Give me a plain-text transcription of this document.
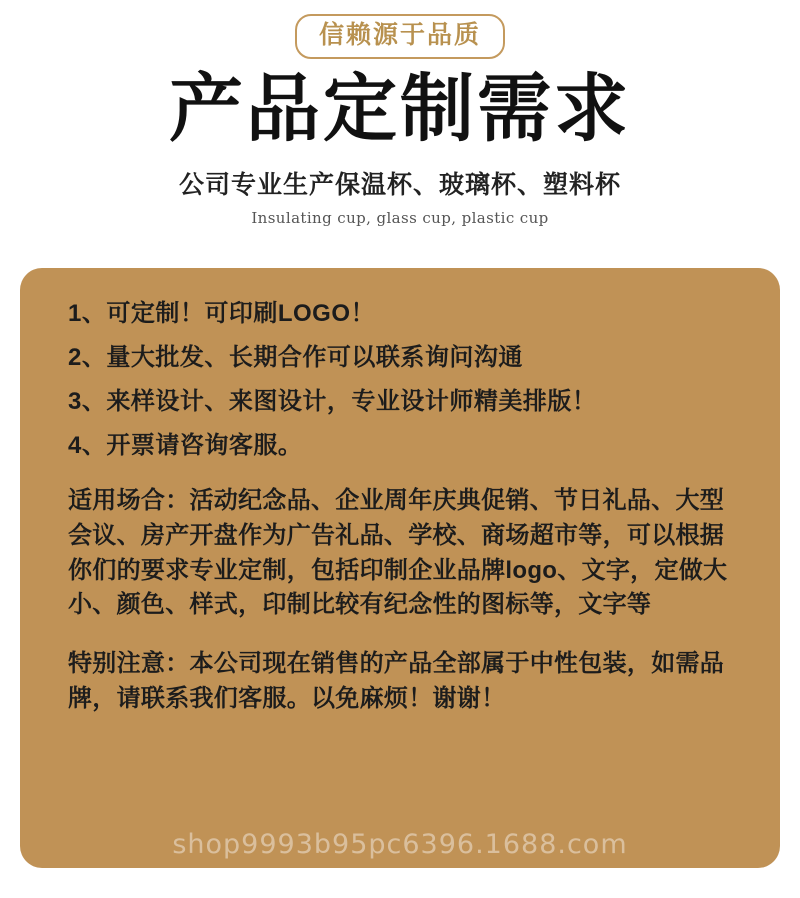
信赖源于品质
产品定制需求
公司专业生产保温杯、玻璃杯、塑料杯
Insulating cup, glass cup, plastic cup
1、可定制！可印刷LOGO！
2、量大批发、长期合作可以联系询问沟通
3、来样设计、来图设计，专业设计师精美排版！
4、开票请咨询客服。

适用场合：活动纪念品、企业周年庆典促销、节日礼品、大型会议、房产开盘作为广告礼品、学校、商场超市等，可以根据你们的要求专业定制，包括印制企业品牌logo、文字，定做大小、颜色、样式，印制比较有纪念性的图标等，文字等

特别注意：本公司现在销售的产品全部属于中性包装，如需品牌，请联系我们客服。以免麻烦！谢谢！

shop9993b95pc6396.1688.com
